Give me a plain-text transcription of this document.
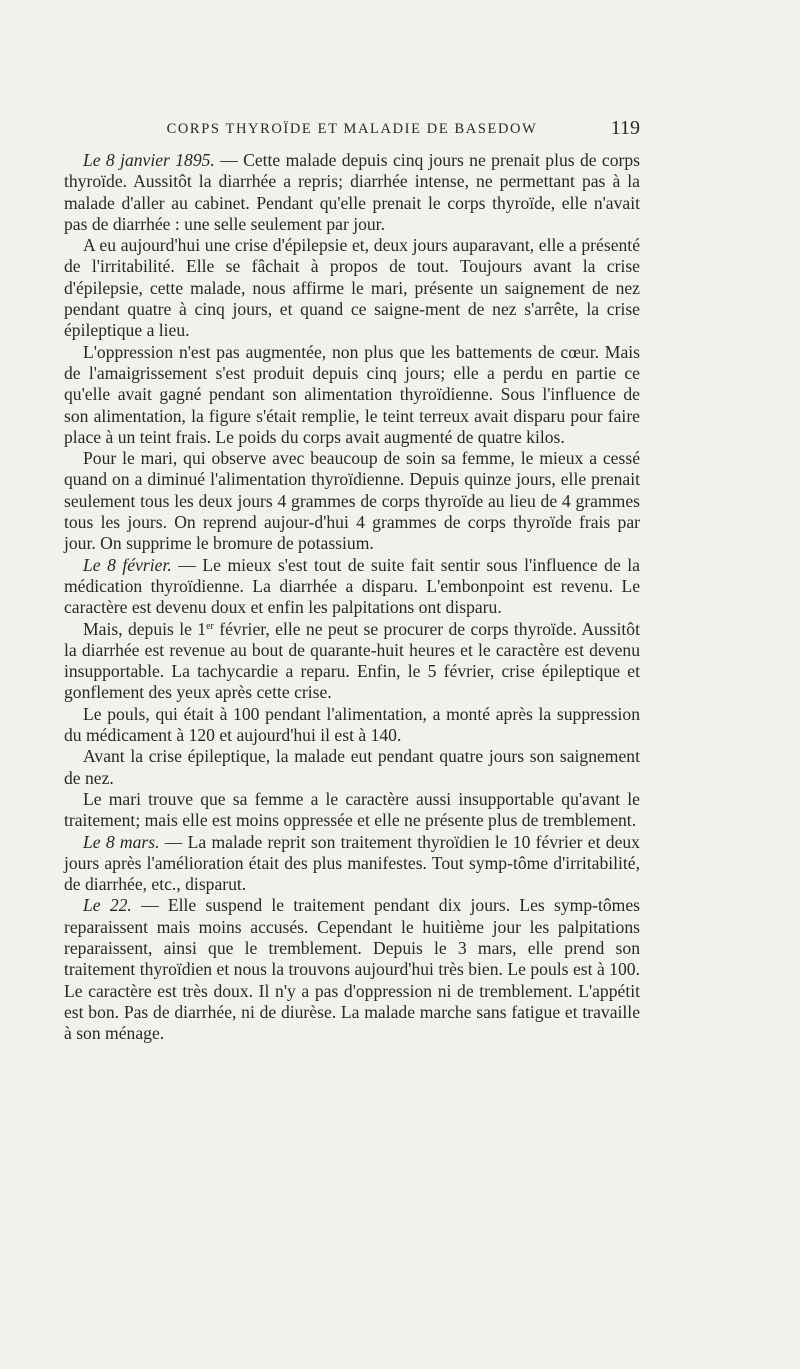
CORPS THYROÏDE ET MALADIE DE BASEDOW	119

Le 8 janvier 1895. — Cette malade depuis cinq jours ne prenait plus de corps thyroïde. Aussitôt la diarrhée a repris; diarrhée intense, ne permettant pas à la malade d'aller au cabinet. Pendant qu'elle prenait le corps thyroïde, elle n'avait pas de diarrhée : une selle seulement par jour.

A eu aujourd'hui une crise d'épilepsie et, deux jours auparavant, elle a présenté de l'irritabilité. Elle se fâchait à propos de tout. Toujours avant la crise d'épilepsie, cette malade, nous affirme le mari, présente un saignement de nez pendant quatre à cinq jours, et quand ce saigne-ment de nez s'arrête, la crise épileptique a lieu.

L'oppression n'est pas augmentée, non plus que les battements de cœur. Mais de l'amaigrissement s'est produit depuis cinq jours; elle a perdu en partie ce qu'elle avait gagné pendant son alimentation thyroïdienne. Sous l'influence de son alimentation, la figure s'était remplie, le teint terreux avait disparu pour faire place à un teint frais. Le poids du corps avait augmenté de quatre kilos.

Pour le mari, qui observe avec beaucoup de soin sa femme, le mieux a cessé quand on a diminué l'alimentation thyroïdienne. Depuis quinze jours, elle prenait seulement tous les deux jours 4 grammes de corps thyroïde au lieu de 4 grammes tous les jours. On reprend aujour-d'hui 4 grammes de corps thyroïde frais par jour. On supprime le bromure de potassium.

Le 8 février. — Le mieux s'est tout de suite fait sentir sous l'influence de la médication thyroïdienne. La diarrhée a disparu. L'embonpoint est revenu. Le caractère est devenu doux et enfin les palpitations ont disparu.

Mais, depuis le 1er février, elle ne peut se procurer de corps thyroïde. Aussitôt la diarrhée est revenue au bout de quarante-huit heures et le caractère est devenu insupportable. La tachycardie a reparu. Enfin, le 5 février, crise épileptique et gonflement des yeux après cette crise.

Le pouls, qui était à 100 pendant l'alimentation, a monté après la suppression du médicament à 120 et aujourd'hui il est à 140.

Avant la crise épileptique, la malade eut pendant quatre jours son saignement de nez.

Le mari trouve que sa femme a le caractère aussi insupportable qu'avant le traitement; mais elle est moins oppressée et elle ne présente plus de tremblement.

Le 8 mars. — La malade reprit son traitement thyroïdien le 10 février et deux jours après l'amélioration était des plus manifestes. Tout symp-tôme d'irritabilité, de diarrhée, etc., disparut.

Le 22. — Elle suspend le traitement pendant dix jours. Les symp-tômes reparaissent mais moins accusés. Cependant le huitième jour les palpitations reparaissent, ainsi que le tremblement. Depuis le 3 mars, elle prend son traitement thyroïdien et nous la trouvons aujourd'hui très bien. Le pouls est à 100. Le caractère est très doux. Il n'y a pas d'oppression ni de tremblement. L'appétit est bon. Pas de diarrhée, ni de diurèse. La malade marche sans fatigue et travaille à son ménage.
